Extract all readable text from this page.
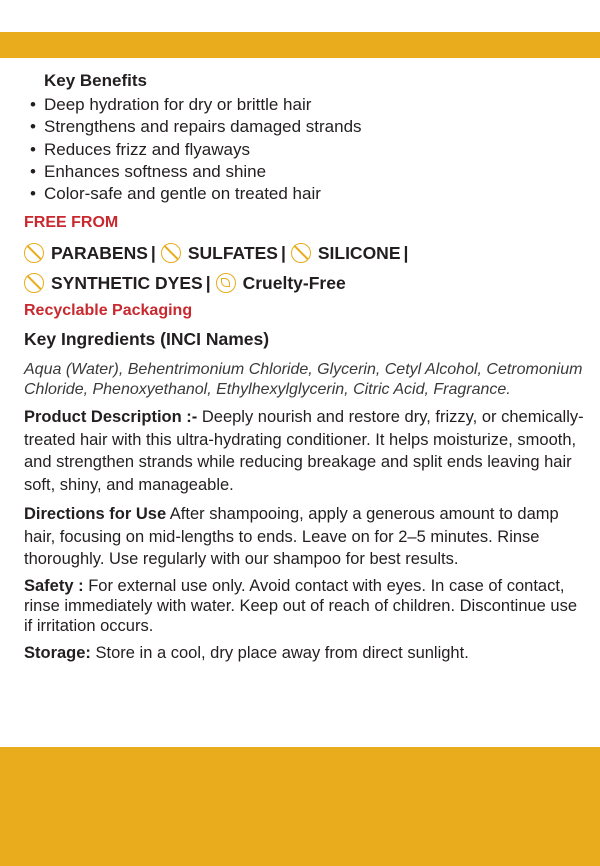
Key Benefits
• Deep hydration for dry or brittle hair
• Strengthens and repairs damaged strands
• Reduces frizz and flyaways
• Enhances softness and shine
• Color-safe and gentle on treated hair
FREE FROM
PARABENS | SULFATES | SILICONE |
SYNTHETIC DYES | Cruelty-Free
Recyclable Packaging
Key Ingredients (INCI Names)
Aqua (Water), Behentrimonium Chloride, Glycerin, Cetyl Alcohol, Cetromonium Chloride, Phenoxyethanol, Ethylhexylglycerin, Citric Acid, Fragrance.
Product Description :- Deeply nourish and restore dry, frizzy, or chemically-treated hair with this ultra-hydrating conditioner. It helps moisturize, smooth, and strengthen strands while reducing breakage and split ends leaving hair soft, shiny, and manageable.
Directions for Use After shampooing, apply a generous amount to damp hair, focusing on mid-lengths to ends. Leave on for 2–5 minutes. Rinse thoroughly. Use regularly with our shampoo for best results.
Safety : For external use only. Avoid contact with eyes. In case of contact, rinse immediately with water. Keep out of reach of children. Discontinue use if irritation occurs.
Storage: Store in a cool, dry place away from direct sunlight.
